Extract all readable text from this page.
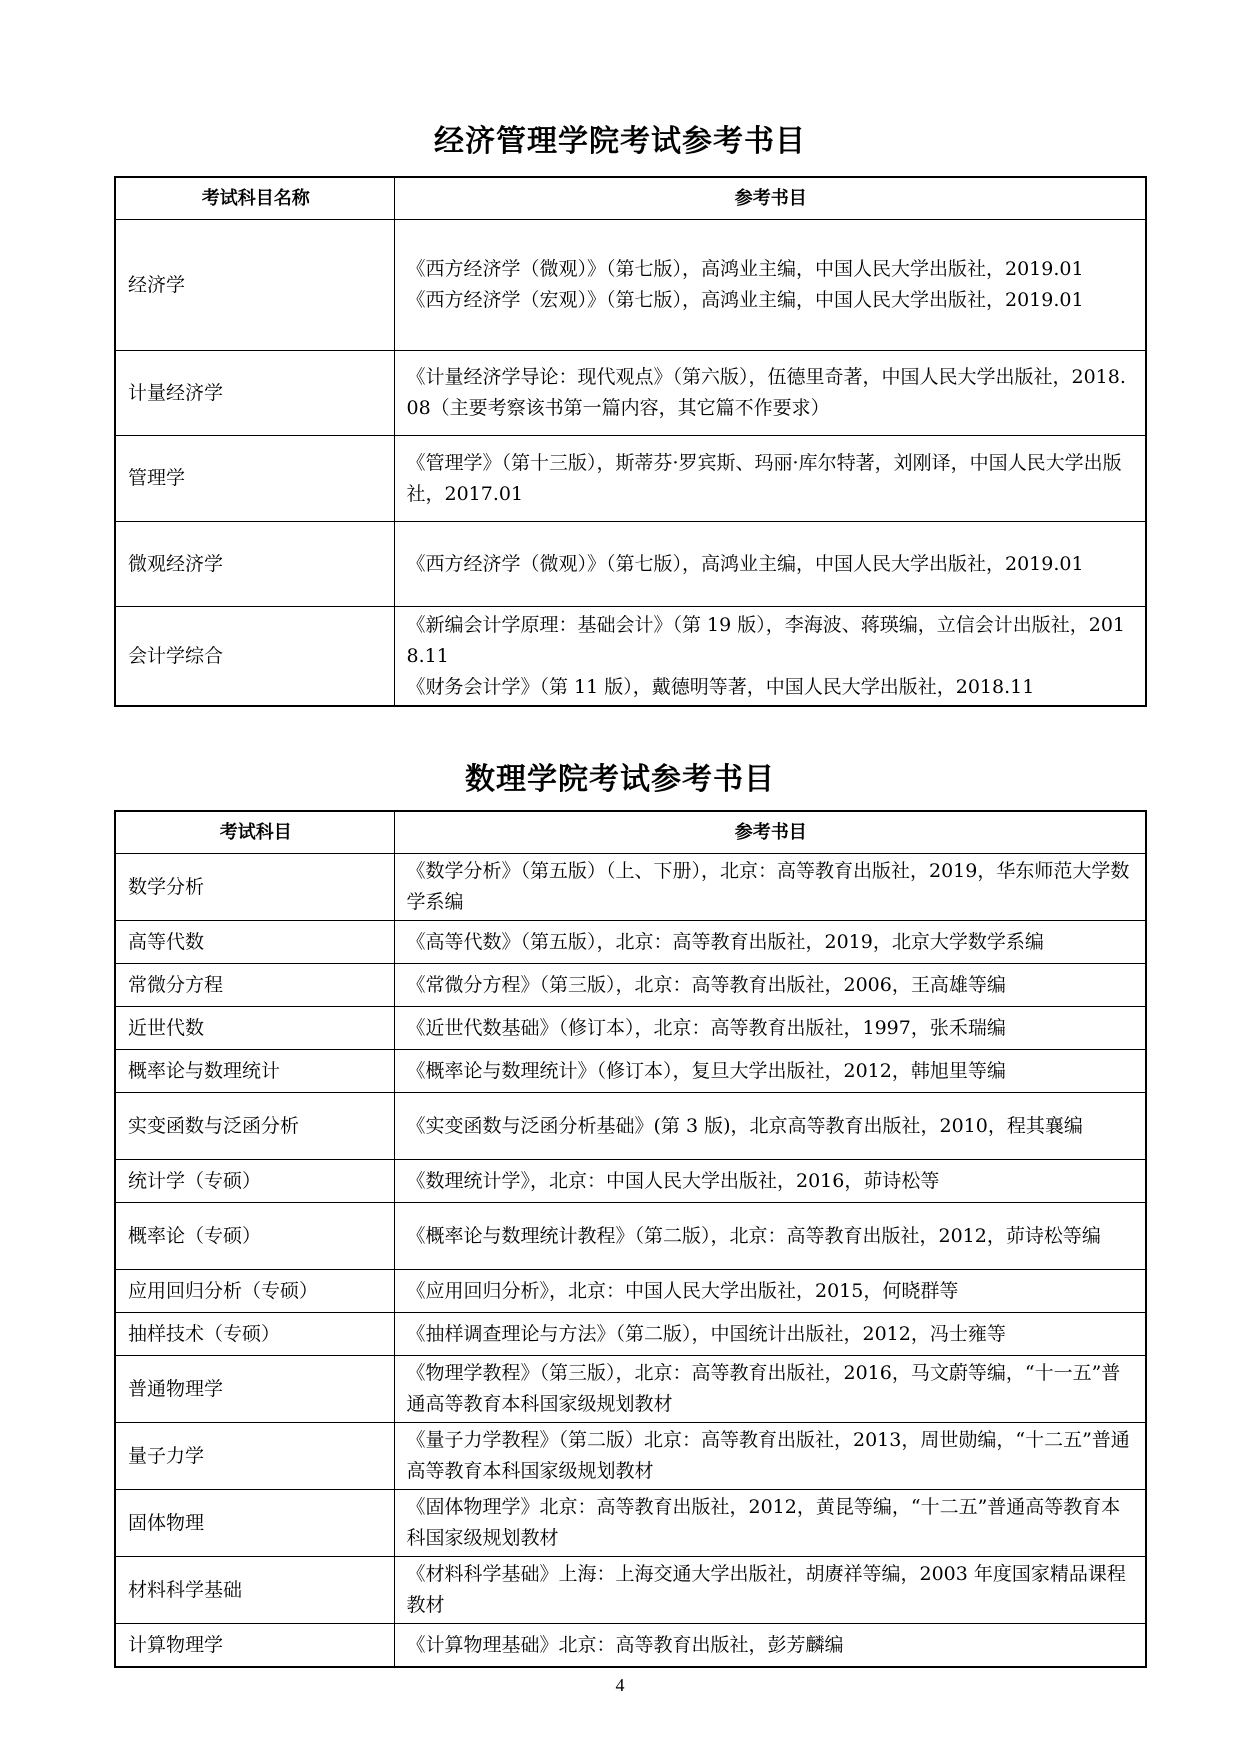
经济管理学院考试参考书目
考试科目名称	参考书目
经济学	《西方经济学（微观）》（第七版），高鸿业主编，中国人民大学出版社，2019.01
《西方经济学（宏观）》（第七版），高鸿业主编，中国人民大学出版社，2019.01

计量经济学	《计量经济学导论：现代观点》（第六版），伍德里奇著，中国人民大学出版社，2018.08（主要考察该书第一篇内容，其它篇不作要求）

管理学	《管理学》（第十三版），斯蒂芬·罗宾斯、玛丽·库尔特著，刘刚译，中国人民大学出版社，2017.01

微观经济学	《西方经济学（微观）》（第七版），高鸿业主编，中国人民大学出版社，2019.01

会计学综合	《新编会计学原理：基础会计》（第 19 版），李海波、蒋瑛编，立信会计出版社，2018.11
《财务会计学》（第 11 版），戴德明等著，中国人民大学出版社，2018.11
数理学院考试参考书目
考试科目	参考书目
数学分析	《数学分析》（第五版）（上、下册），北京：高等教育出版社，2019，华东师范大学数学系编
高等代数	《高等代数》（第五版），北京：高等教育出版社，2019，北京大学数学系编
常微分方程	《常微分方程》（第三版），北京：高等教育出版社，2006，王高雄等编
近世代数	《近世代数基础》（修订本），北京：高等教育出版社，1997，张禾瑞编
概率论与数理统计	《概率论与数理统计》（修订本），复旦大学出版社，2012，韩旭里等编
实变函数与泛函分析	《实变函数与泛函分析基础》(第 3 版)，北京高等教育出版社，2010，程其襄编
统计学（专硕）	《数理统计学》，北京：中国人民大学出版社，2016，茆诗松等
概率论（专硕）	《概率论与数理统计教程》（第二版），北京：高等教育出版社，2012，茆诗松等编
应用回归分析（专硕）	《应用回归分析》，北京：中国人民大学出版社，2015，何晓群等
抽样技术（专硕）	《抽样调查理论与方法》（第二版），中国统计出版社，2012，冯士雍等
普通物理学	《物理学教程》（第三版），北京：高等教育出版社，2016，马文蔚等编，“十一五”普通高等教育本科国家级规划教材
量子力学	《量子力学教程》（第二版）北京：高等教育出版社，2013，周世勋编，“十二五”普通高等教育本科国家级规划教材
固体物理	《固体物理学》北京：高等教育出版社，2012，黄昆等编，“十二五”普通高等教育本科国家级规划教材
材料科学基础	《材料科学基础》上海：上海交通大学出版社，胡赓祥等编，2003 年度国家精品课程教材
计算物理学	《计算物理基础》北京：高等教育出版社，彭芳麟编
4
